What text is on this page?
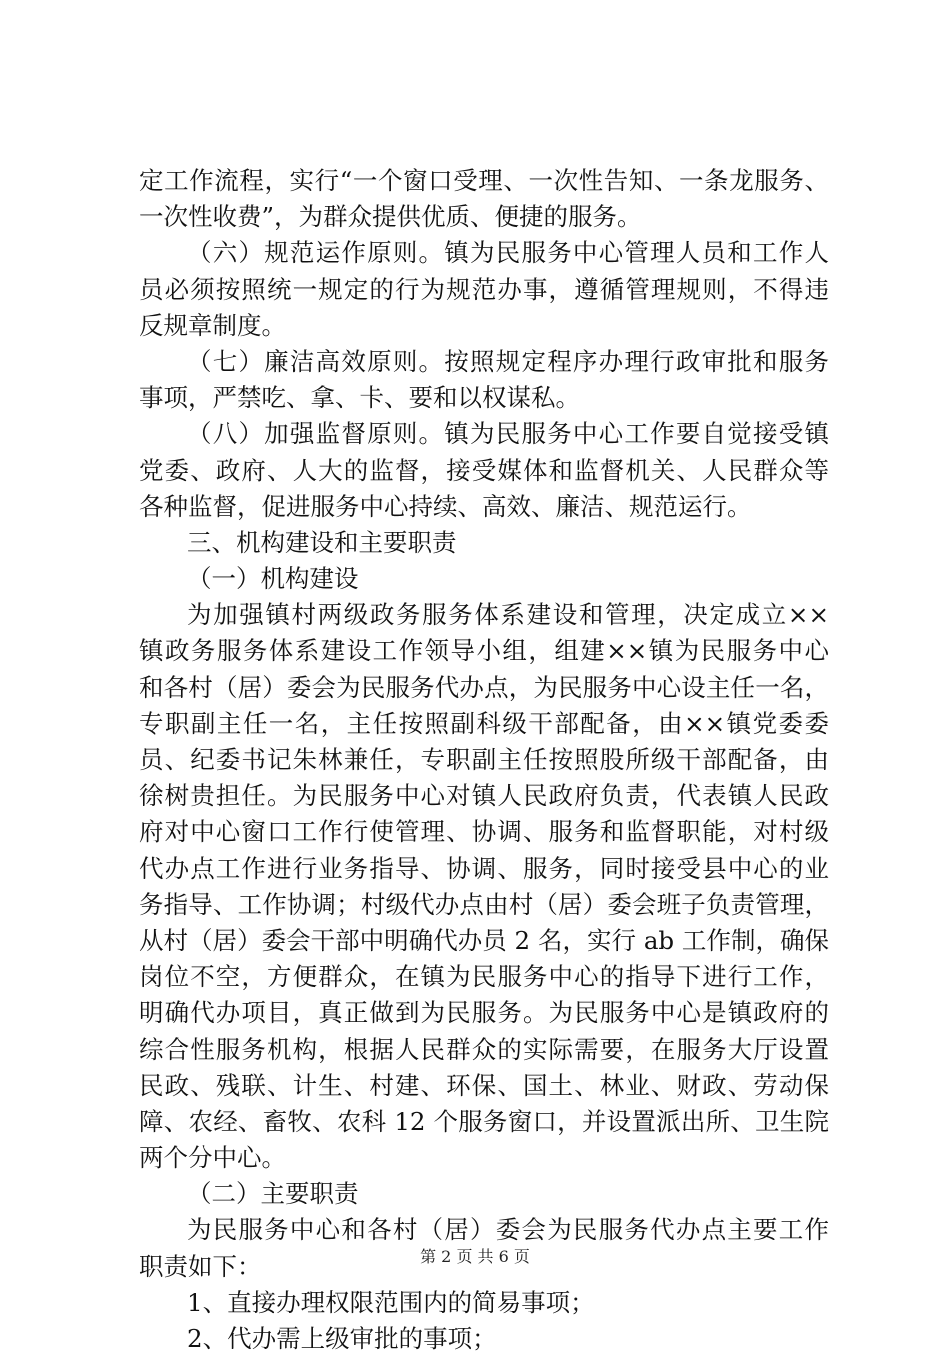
定工作流程，实行“一个窗口受理、一次性告知、一条龙服务、
一次性收费”，为群众提供优质、便捷的服务。
（六）规范运作原则。镇为民服务中心管理人员和工作人
员必须按照统一规定的行为规范办事，遵循管理规则，不得违
反规章制度。
（七）廉洁高效原则。按照规定程序办理行政审批和服务
事项，严禁吃、拿、卡、要和以权谋私。
（八）加强监督原则。镇为民服务中心工作要自觉接受镇
党委、政府、人大的监督，接受媒体和监督机关、人民群众等
各种监督，促进服务中心持续、高效、廉洁、规范运行。
三、机构建设和主要职责
（一）机构建设
为加强镇村两级政务服务体系建设和管理，决定成立××
镇政务服务体系建设工作领导小组，组建××镇为民服务中心
和各村（居）委会为民服务代办点，为民服务中心设主任一名，
专职副主任一名，主任按照副科级干部配备，由××镇党委委
员、纪委书记朱林兼任，专职副主任按照股所级干部配备，由
徐树贵担任。为民服务中心对镇人民政府负责，代表镇人民政
府对中心窗口工作行使管理、协调、服务和监督职能，对村级
代办点工作进行业务指导、协调、服务，同时接受县中心的业
务指导、工作协调；村级代办点由村（居）委会班子负责管理，
从村（居）委会干部中明确代办员 2 名，实行 ab 工作制，确保
岗位不空，方便群众，在镇为民服务中心的指导下进行工作，
明确代办项目，真正做到为民服务。为民服务中心是镇政府的
综合性服务机构，根据人民群众的实际需要，在服务大厅设置
民政、残联、计生、村建、环保、国土、林业、财政、劳动保
障、农经、畜牧、农科 12 个服务窗口，并设置派出所、卫生院
两个分中心。
（二）主要职责
为民服务中心和各村（居）委会为民服务代办点主要工作
职责如下：
1、直接办理权限范围内的简易事项；
2、代办需上级审批的事项；
第 2 页 共 6 页
